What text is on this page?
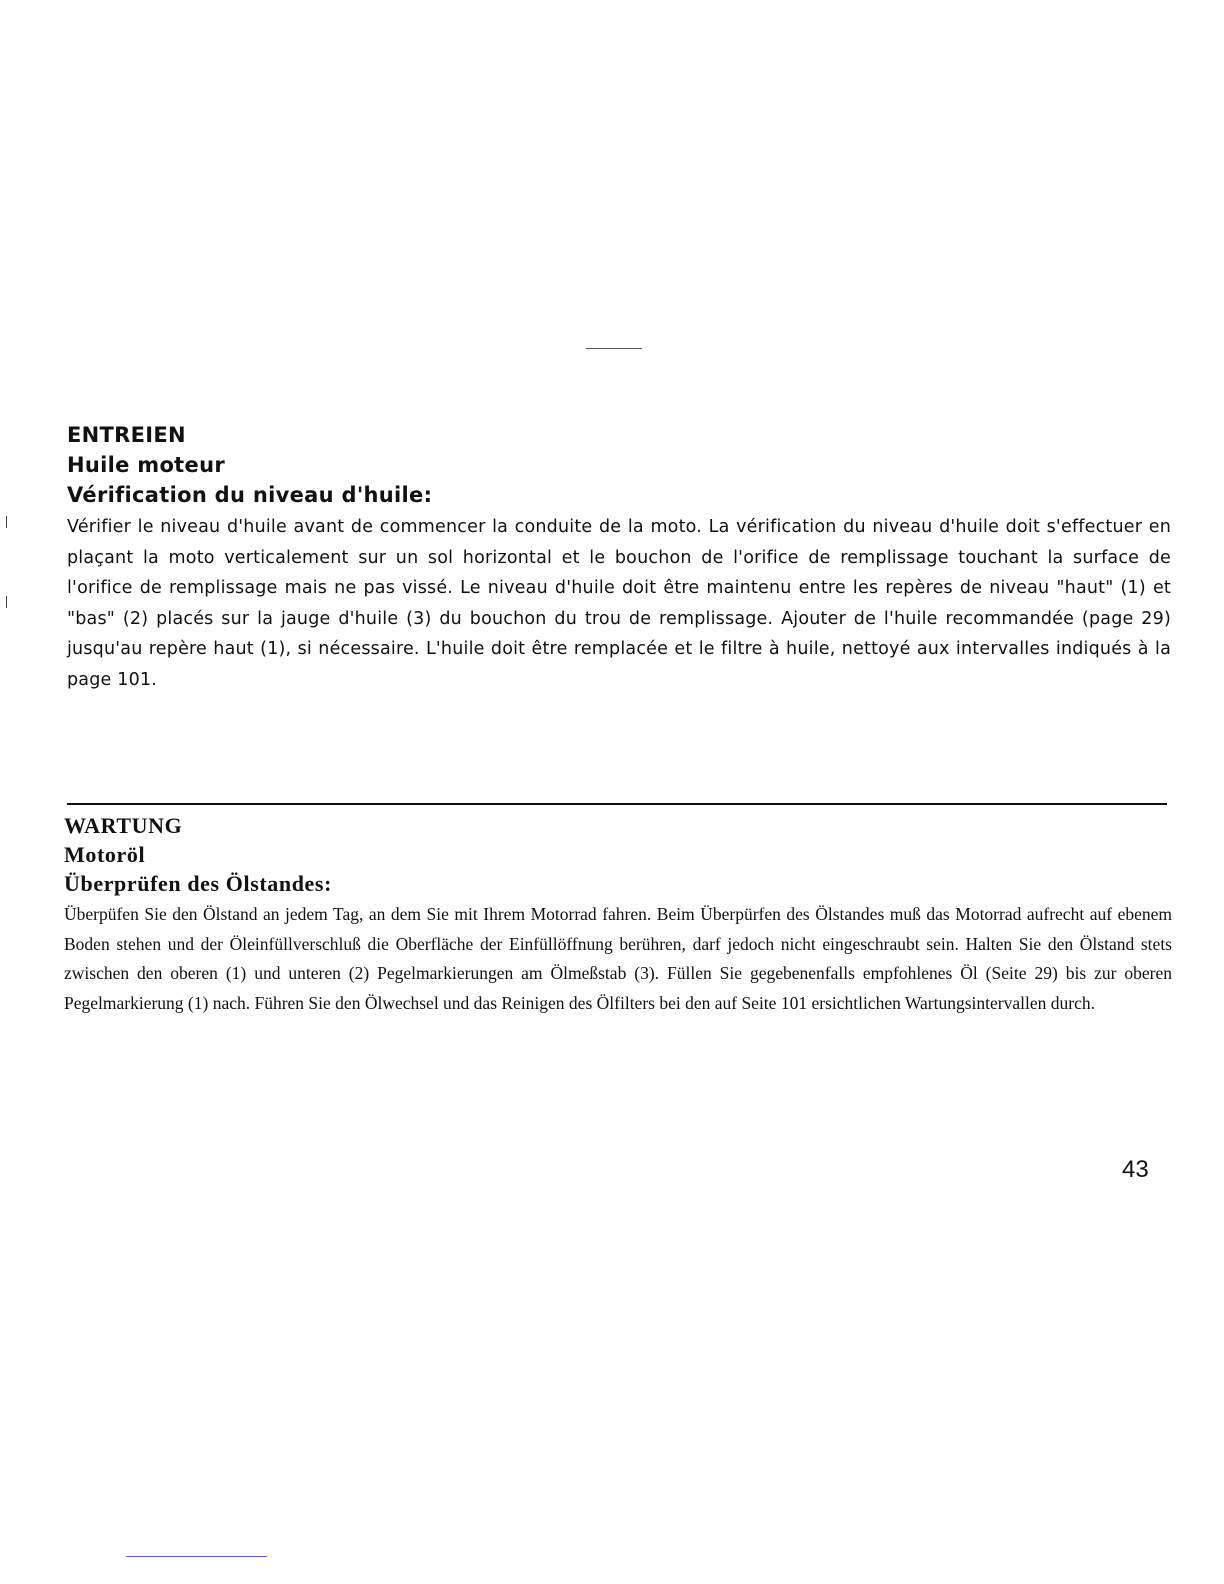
ENTREIEN
Huile moteur
Vérification du niveau d'huile:

Vérifier le niveau d'huile avant de commencer la conduite de la moto. La vérification du niveau d'huile doit s'effectuer en plaçant la moto verticalement sur un sol horizontal et le bouchon de l'orifice de remplissage touchant la surface de l'orifice de remplissage mais ne pas vissé. Le niveau d'huile doit être maintenu entre les repères de niveau "haut" (1) et "bas" (2) placés sur la jauge d'huile (3) du bouchon du trou de remplissage. Ajouter de l'huile recommandée (page 29) jusqu'au repère haut (1), si nécessaire. L'huile doit être remplacée et le filtre à huile, nettoyé aux intervalles indiqués à la page 101.

WARTUNG
Motoröl
Überprüfen des Ölstandes:

Überpüfen Sie den Ölstand an jedem Tag, an dem Sie mit Ihrem Motorrad fahren. Beim Überpürfen des Ölstandes muß das Motorrad aufrecht auf ebenem Boden stehen und der Öleinfüllverschluß die Oberfläche der Einfüllöffnung berühren, darf jedoch nicht eingeschraubt sein. Halten Sie den Ölstand stets zwischen den oberen (1) und unteren (2) Pegelmarkierungen am Ölmeßstab (3). Füllen Sie gegebenenfalls empfohlenes Öl (Seite 29) bis zur oberen Pegelmarkierung (1) nach. Führen Sie den Ölwechsel und das Reinigen des Ölfilters bei den auf Seite 101 ersichtlichen Wartungsintervallen durch.

43
